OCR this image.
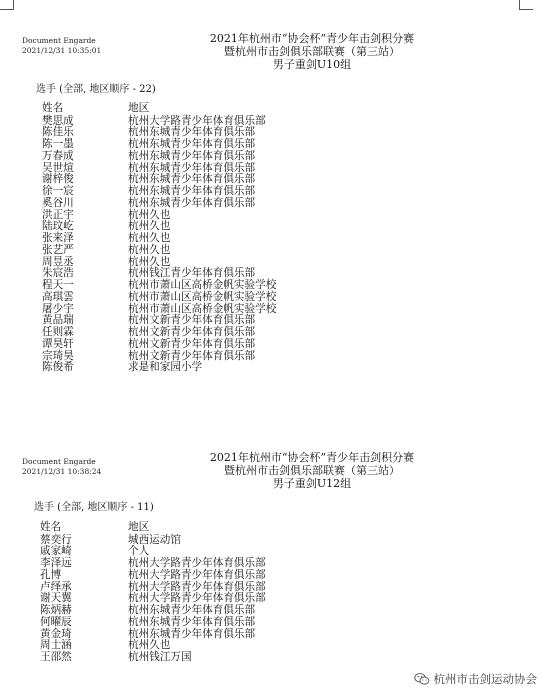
Document Engarde
2021/12/31 10:35:01
2021年杭州市“协会杯”青少年击剑积分赛
暨杭州市击剑俱乐部联赛（第三站）
男子重剑U10组
选手 (全部, 地区顺序 - 22)
姓名	地区
樊思成	杭州大学路青少年体育俱乐部
陈佳乐	杭州东城青少年体育俱乐部
陈一墨	杭州东城青少年体育俱乐部
万春成	杭州东城青少年体育俱乐部
吴世煊	杭州东城青少年体育俱乐部
谢梓俊	杭州东城青少年体育俱乐部
徐一宸	杭州东城青少年体育俱乐部
奚谷川	杭州东城青少年体育俱乐部
洪正宇	杭州久也
陆玟屹	杭州久也
张来泽	杭州久也
张艺严	杭州久也
周昱丞	杭州久也
朱宸浩	杭州钱江青少年体育俱乐部
程天一	杭州市萧山区高桥金帆实验学校
高琪雲	杭州市萧山区高桥金帆实验学校
屠少宇	杭州市萧山区高桥金帆实验学校
黄品瑞	杭州文新青少年体育俱乐部
任则霖	杭州文新青少年体育俱乐部
谭昊轩	杭州文新青少年体育俱乐部
宗琦昊	杭州文新青少年体育俱乐部
陈俊希	求是和家园小学
Document Engarde
2021/12/31 10:38:24
2021年杭州市“协会杯”青少年击剑积分赛
暨杭州市击剑俱乐部联赛（第三站）
男子重剑U12组
选手 (全部, 地区顺序 - 11)
姓名	地区
蔡奕行	城西运动馆
戚家崎	个人
李泽远	杭州大学路青少年体育俱乐部
孔博	杭州大学路青少年体育俱乐部
卢绎承	杭州大学路青少年体育俱乐部
谢天翼	杭州大学路青少年体育俱乐部
陈炳赫	杭州东城青少年体育俱乐部
何曜辰	杭州东城青少年体育俱乐部
黄金琦	杭州东城青少年体育俱乐部
周士涵	杭州久也
王邵然	杭州钱江万国
杭州市击剑运动协会
